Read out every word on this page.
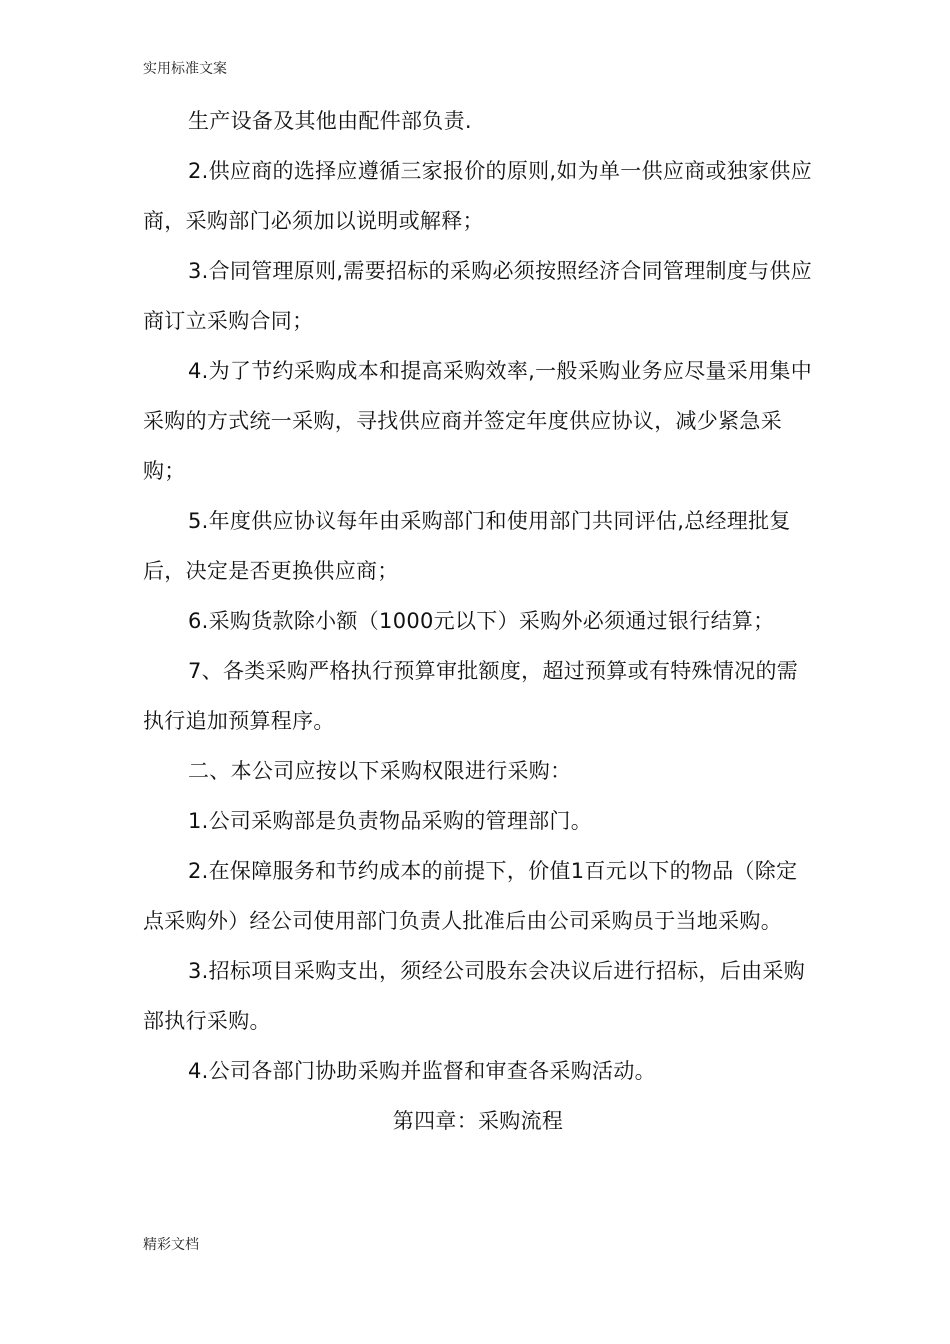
实用标准文案

生产设备及其他由配件部负责.

2.供应商的选择应遵循三家报价的原则,如为单一供应商或独家供应商，采购部门必须加以说明或解释；

3.合同管理原则,需要招标的采购必须按照经济合同管理制度与供应商订立采购合同；

4.为了节约采购成本和提高采购效率,一般采购业务应尽量采用集中采购的方式统一采购，寻找供应商并签定年度供应协议，减少紧急采购；

5.年度供应协议每年由采购部门和使用部门共同评估,总经理批复后，决定是否更换供应商；

6.采购货款除小额（1000元以下）采购外必须通过银行结算；

7、各类采购严格执行预算审批额度，超过预算或有特殊情况的需执行追加预算程序。

二、本公司应按以下采购权限进行采购：

1.公司采购部是负责物品采购的管理部门。

2.在保障服务和节约成本的前提下，价值1百元以下的物品（除定点采购外）经公司使用部门负责人批准后由公司采购员于当地采购。

3.招标项目采购支出，须经公司股东会决议后进行招标，后由采购部执行采购。

4.公司各部门协助采购并监督和审查各采购活动。

第四章：采购流程

精彩文档
